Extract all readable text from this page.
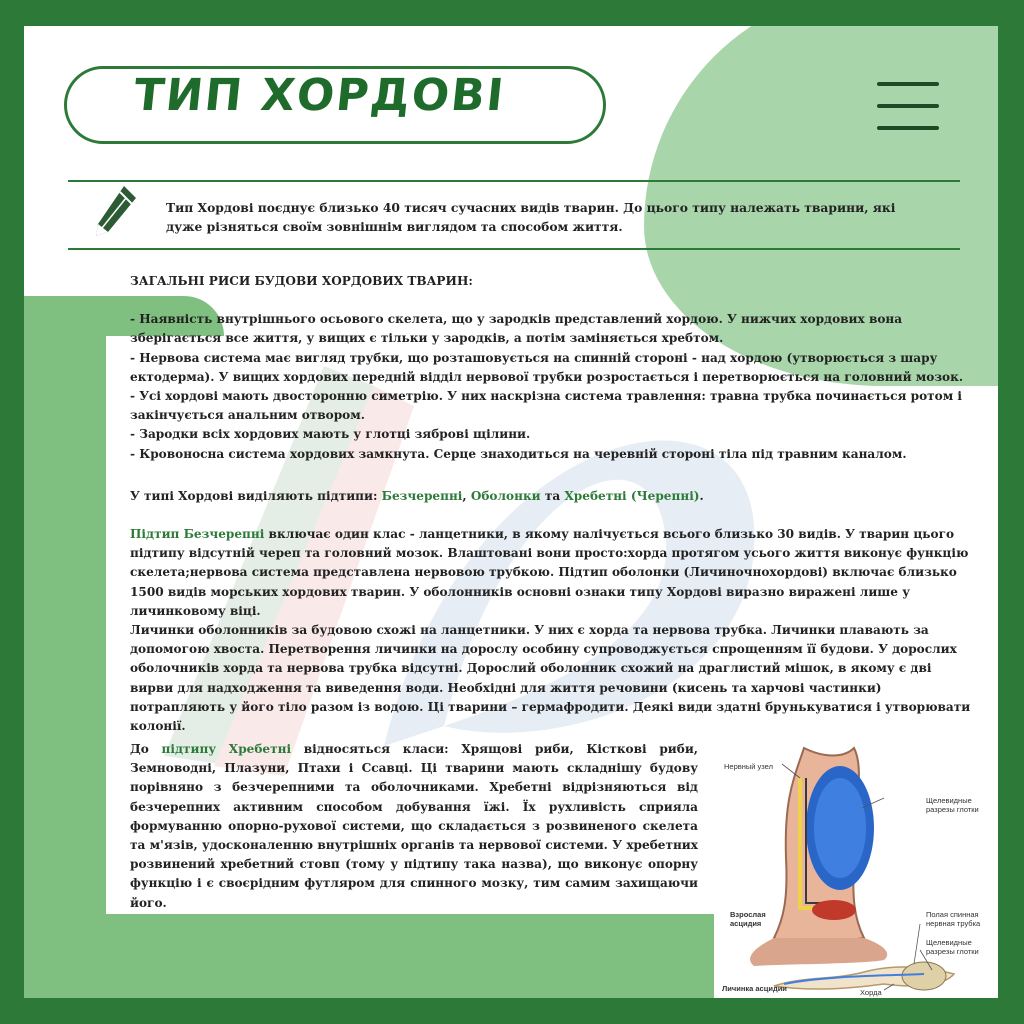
ТИП ХОРДОВІ
Тип Хордові поєднує близько 40 тисяч сучасних видів тварин. До цього типу належать тварини, які дуже різняться своїм зовнішнім виглядом та способом життя.

ЗАГАЛЬНІ РИСИ БУДОВИ ХОРДОВИХ ТВАРИН:

- Наявність внутрішнього осьового скелета, що у зародків представлений хордою. У нижчих хордових вона зберігається все життя, у вищих є тільки у зародків, а потім заміняється хребтом.

- Нервова система має вигляд трубки, що розташовується на спинній стороні - над хордою (утворюється з шару ектодерма). У вищих хордових передній відділ нервової трубки розростається і перетворюється на головний мозок.

- Усі хордові мають двосторонню симетрію. У них наскрізна система травлення: травна трубка починається ротом і закінчується анальним отвором.

- Зародки всіх хордових мають у глотці зяброві щілини.

- Кровоносна система хордових замкнута. Серце знаходиться на черевній стороні тіла під травним каналом.

У типі Хордові виділяють підтипи: Безчерепні, Оболонки та Хребетні (Черепні).
Підтип Безчерепні включає один клас - ланцетники, в якому налічується всього близько 30 видів. У тварин цього підтипу відсутній череп та головний мозок. Влаштовані вони просто:хорда протягом усього життя виконує функцію скелета;нервова система представлена нервовою трубкою. Підтип оболонки (Личиночнохордові) включає близько 1500 видів морських хордових тварин. У оболонників основні ознаки типу Хордові виразно виражені лише у личинковому віці.
Личинки оболонників за будовою схожі на ланцетники. У них є хорда та нервова трубка. Личинки плавають за допомогою хвоста. Перетворення личинки на дорослу особину супроводжується спрощенням її будови. У дорослих оболочників хорда та нервова трубка відсутні. Дорослий оболонник схожий на драглистий мішок, в якому є дві вирви для надходження та виведення води. Необхідні для життя речовини (кисень та харчові частинки) потрапляють у його тіло разом із водою. Ці тварини – гермафродити. Деякі види здатні брунькуватися і утворювати колонії.
До підтипу Хребетні відносяться класи: Хрящові риби, Кісткові риби, Земноводні, Плазуни, Птахи і Ссавці. Ці тварини мають складнішу будову порівняно з безчерепними та оболочниками. Хребетні відрізняються від безчерепних активним способом добування їжі. Їх рухливість сприяла формуванню опорно-рухової системи, що складається з розвиненого скелета та м'язів, удосконаленню внутрішніх органів та нервової системи. У хребетних розвинений хребетний стовп (тому у підтипу така назва), що виконує опорну функцію і є своєрідним футляром для спинного мозку, тим самим захищаючи його.
Нервный узел
Щелевидные разрезы глотки
Взрослая асцидия
Полая спинная нервная трубка
Щелевидные разрезы глотки
Личинка асцидии	Хорда
